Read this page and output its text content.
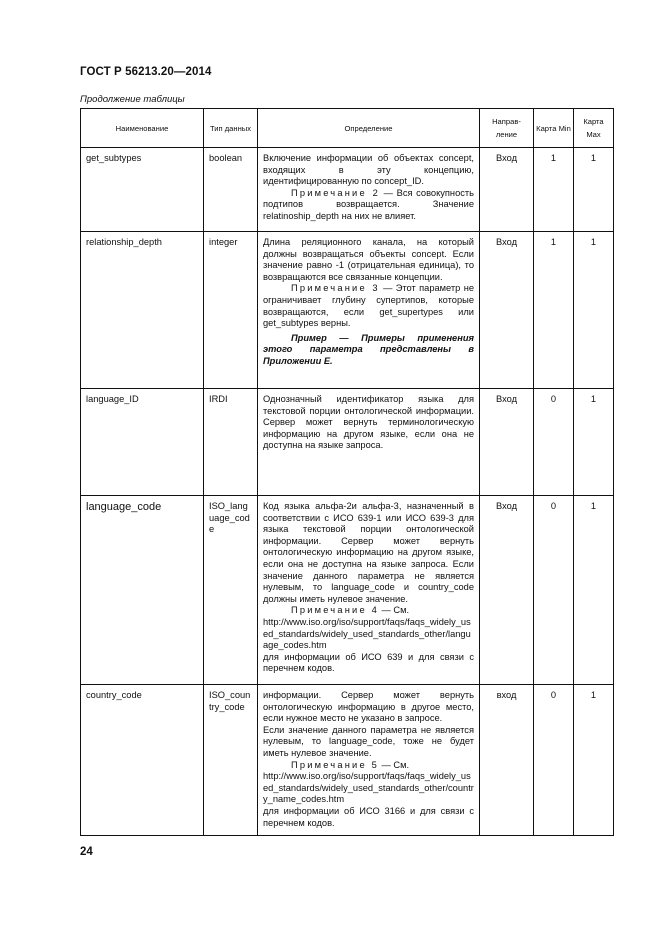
ГОСТ Р 56213.20—2014
Продолжение таблицы
Наименование	Тип данных	Определение	Направ-ление	Карта Min	Карта Max
get_subtypes	boolean	Включение информации об объектах concept, входящих в эту концепцию, идентифицированную по concept_ID.
Примечание 2 — Вся совокупность подтипов возвращается. Значение relatinoship_depth на них не влияет.	Вход	1	1
relationship_depth	integer	Длина реляционного канала, на который должны возвращаться объекты concept. Если значение равно -1 (отрицательная единица), то возвращаются все связанные концепции.
Примечание 3 — Этот параметр не ограничивает глубину супертипов, которые возвращаются, если get_supertypes или get_subtypes верны.
Пример — Примеры применения этого параметра представлены в Приложении Е.	Вход	1	1
language_ID	IRDI	Однозначный идентификатор языка для текстовой порции онтологической информации. Сервер может вернуть терминологическую информацию на другом языке, если она не доступна на языке запроса.	Вход	0	1
language_code	ISO_language_code	Код языка альфа-2и альфа-3, назначенный в соответствии с ИСО 639-1 или ИСО 639-3 для языка текстовой порции онтологической информации. Сервер может вернуть онтологическую информацию на другом языке, если она не доступна на языке запроса. Если значение данного параметра не является нулевым, то language_code и country_code должны иметь нулевое значение.
Примечание 4 — См.
http://www.iso.org/iso/support/faqs/faqs_widely_used_standards/widely_used_standards_other/language_codes.htm
для информации об ИСО 639 и для связи с перечнем кодов.	Вход	0	1
country_code	ISO_country_code	информации. Сервер может вернуть онтологическую информацию в другое место, если нужное место не указано в запросе.
Если значение данного параметра не является нулевым, то language_code, тоже не будет иметь нулевое значение.
Примечание 5 — См.
http://www.iso.org/iso/support/faqs/faqs_widely_used_standards/widely_used_standards_other/country_name_codes.htm
для информации об ИСО 3166 и для связи с перечнем кодов.	вход	0	1
24
